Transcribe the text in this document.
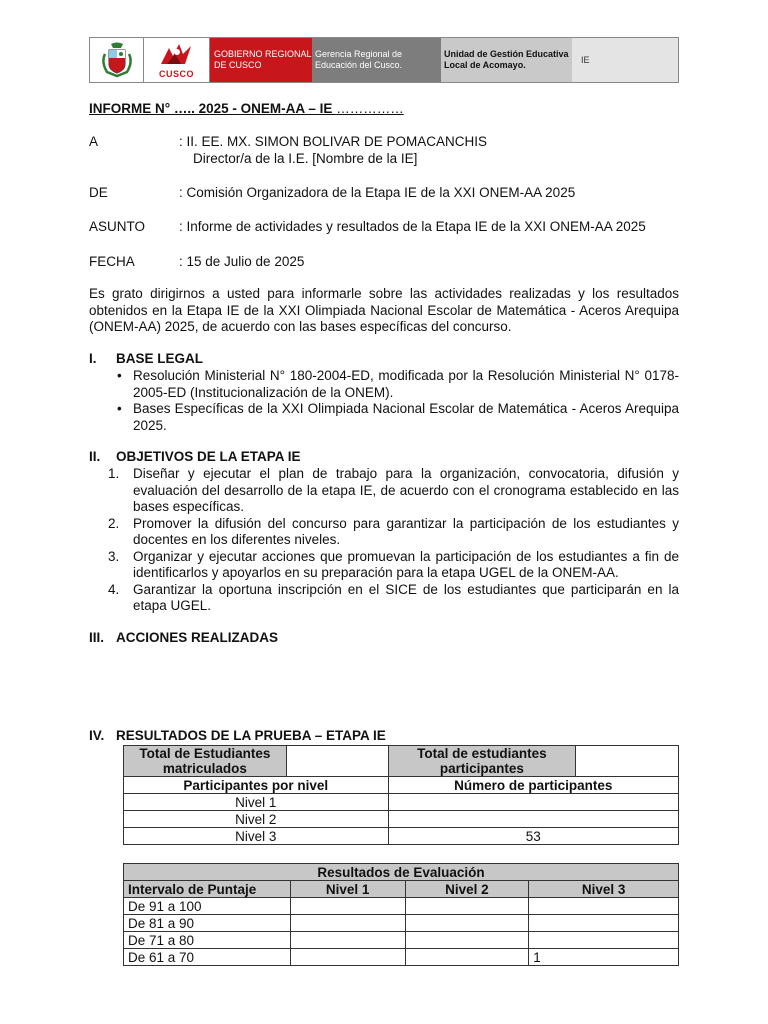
CUSCO
GOBIERNO REGIONAL DE CUSCO
Gerencia Regional de Educación del Cusco.
Unidad de Gestión Educativa Local de Acomayo.	IE
INFORME N° ….. 2025 - ONEM-AA – IE ……………
A	: II. EE. MX. SIMON BOLIVAR DE POMACANCHIS
Director/a de la I.E. [Nombre de la IE]
DE	: Comisión Organizadora de la Etapa IE de la XXI ONEM-AA 2025
ASUNTO	: Informe de actividades y resultados de la Etapa IE de la XXI ONEM-AA 2025
FECHA	: 15 de Julio de 2025
Es grato dirigirnos a usted para informarle sobre las actividades realizadas y los resultados obtenidos en la Etapa IE de la XXI Olimpiada Nacional Escolar de Matemática - Aceros Arequipa (ONEM-AA) 2025, de acuerdo con las bases específicas del concurso.
I. BASE LEGAL
• Resolución Ministerial N° 180-2004-ED, modificada por la Resolución Ministerial N° 0178-2005-ED (Institucionalización de la ONEM).
• Bases Específicas de la XXI Olimpiada Nacional Escolar de Matemática - Aceros Arequipa 2025.
II. OBJETIVOS DE LA ETAPA IE
1. Diseñar y ejecutar el plan de trabajo para la organización, convocatoria, difusión y evaluación del desarrollo de la etapa IE, de acuerdo con el cronograma establecido en las bases específicas.
2. Promover la difusión del concurso para garantizar la participación de los estudiantes y docentes en los diferentes niveles.
3. Organizar y ejecutar acciones que promuevan la participación de los estudiantes a fin de identificarlos y apoyarlos en su preparación para la etapa UGEL de la ONEM-AA.
4. Garantizar la oportuna inscripción en el SICE de los estudiantes que participarán en la etapa UGEL.
III. ACCIONES REALIZADAS
IV. RESULTADOS DE LA PRUEBA – ETAPA IE
Total de Estudiantes matriculados		Total de estudiantes participantes	
Participantes por nivel		Número de participantes	
Nivel 1			
Nivel 2			
Nivel 3		53	
Resultados de Evaluación			
Intervalo de Puntaje	Nivel 1	Nivel 2	Nivel 3
De 91 a 100			
De 81 a 90			
De 71 a 80			
De 61 a 70			1
